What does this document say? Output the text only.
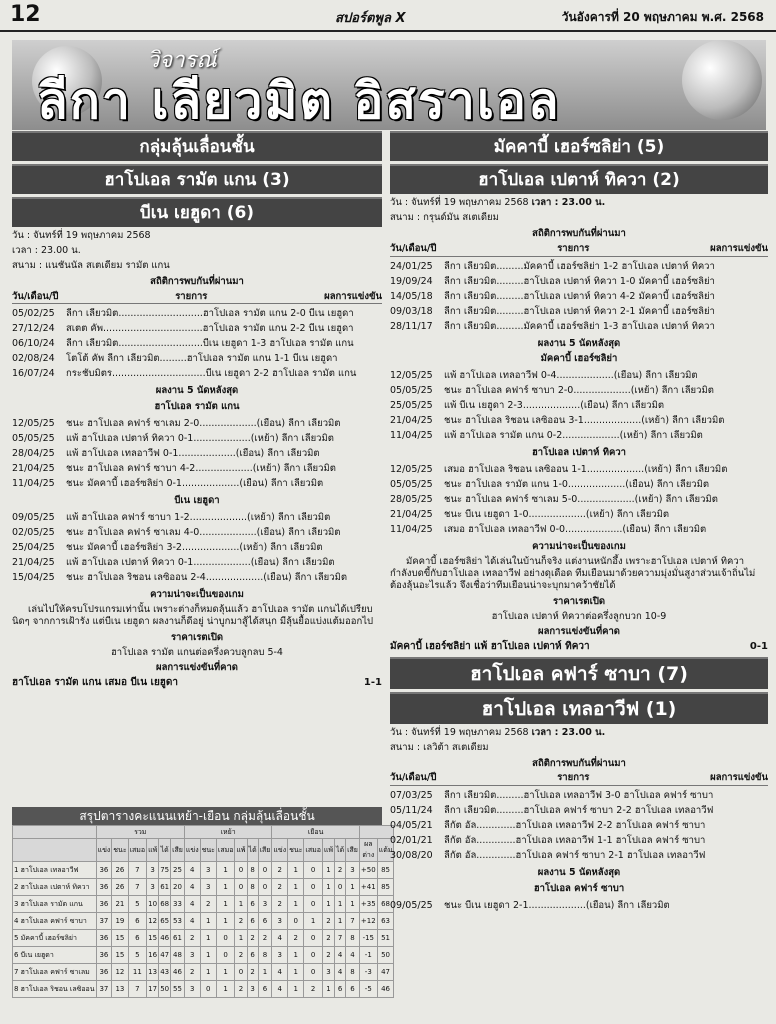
12	สปอร์ตพูล X	วันอังคารที่ 20 พฤษภาคม พ.ศ. 2568
วิจารณ์
ลีกา เลียวมิต อิสราเอล
กลุ่มลุ้นเลื่อนชั้น
ฮาโปเอล รามัต แกน (3)
บีเน เยฮูดา (6)
วัน : จันทร์ที่ 19 พฤษภาคม 2568
เวลา : 23.00 น.
สนาม : แนชันนัล สเตเดียม รามัต แกน
สถิติการพบกันที่ผ่านมา
วัน/เดือน/ปี	รายการ	ผลการแข่งขัน
05/02/25	ลีกา เลียวมิต............................ฮาโปเอล รามัต แกน 2-0 บีเน เยฮูดา
27/12/24	สเตต คัพ.................................ฮาโปเอล รามัต แกน 2-2 บีเน เยฮูดา
06/10/24	ลีกา เลียวมิต............................บีเน เยฮูดา 1-3 ฮาโปเอล รามัต แกน
02/08/24	โตโต้ คัพ ลีกา เลียวมิต.........ฮาโปเอล รามัต แกน 1-1 บีเน เยฮูดา
16/07/24	กระชับมิตร...............................บีเน เยฮูดา 2-2 ฮาโปเอล รามัต แกน
ผลงาน 5 นัดหลังสุด
ฮาโปเอล รามัต แกน
12/05/25	ชนะ ฮาโปเอล คฟาร์ ซาเลม 2-0...................(เยือน) ลีกา เลียวมิต
05/05/25	แพ้ ฮาโปเอล เปตาห์ ทิควา 0-1...................(เหย้า) ลีกา เลียวมิต
28/04/25	แพ้ ฮาโปเอล เทลอาวีฟ 0-1...................(เยือน) ลีกา เลียวมิต
21/04/25	ชนะ ฮาโปเอล คฟาร์ ซาบา 4-2...................(เหย้า) ลีกา เลียวมิต
11/04/25	ชนะ มัคคาบี้ เฮอร์ซลิย่า 0-1...................(เยือน) ลีกา เลียวมิต
บีเน เยฮูดา
09/05/25	แพ้ ฮาโปเอล คฟาร์ ซาบา 1-2...................(เหย้า) ลีกา เลียวมิต
02/05/25	ชนะ ฮาโปเอล คฟาร์ ซาเลม 4-0...................(เยือน) ลีกา เลียวมิต
25/04/25	ชนะ มัคคาบี้ เฮอร์ซลิย่า 3-2...................(เหย้า) ลีกา เลียวมิต
21/04/25	แพ้ ฮาโปเอล เปตาห์ ทิควา 0-1...................(เยือน) ลีกา เลียวมิต
15/04/25	ชนะ ฮาโปเอล ริชอน เลซิออน 2-4...................(เยือน) ลีกา เลียวมิต
ความน่าจะเป็นของเกม
เล่นไปให้ครบโปรแกรมเท่านั้น เพราะต่างก็หมดลุ้นแล้ว ฮาโปเอล รามัต แกนได้เปรียบนิดๆ จากการเฝ้ารัง แต่บีเน เยฮูดา ผลงานก็ดีอยู่ น่าบูกมาสู้ได้สนุก มีลุ้นยื้อแบ่งแต้มออกไป
ราคาเรตเปิด
ฮาโปเอล รามัต แกนต่อครึ่งควบลูกลบ 5-4
ผลการแข่งขันที่คาด
ฮาโปเอล รามัต แกน เสมอ บีเน เยฮูดา	1-1
สรุปตารางคะแนนเหย้า-เยือน กลุ่มลุ้นเลื่อนชั้น
	รวม						เหย้า						เยือน							
	แข่ง	ชนะ	เสมอ	แพ้	ได้	เสีย	แข่ง	ชนะ	เสมอ	แพ้	ได้	เสีย	แข่ง	ชนะ	เสมอ	แพ้	ได้	เสีย	ผลต่าง	แต้ม
1 ฮาโปเอล เทลอาวีฟ	36	26	7	3	75	25	4	3	1	0	8	0	2	1	0	1	2	3	+50	85
2 ฮาโปเอล เปตาห์ ทิควา	36	26	7	3	61	20	4	3	1	0	8	0	2	1	0	1	0	1	+41	85
3 ฮาโปเอล รามัต แกน	36	21	5	10	68	33	4	2	1	1	6	3	2	1	0	1	1	1	+35	68
4 ฮาโปเอล คฟาร์ ซาบา	37	19	6	12	65	53	4	1	1	2	6	6	3	0	1	2	1	7	+12	63
5 มัคคาบี้ เฮอร์ซลิย่า	36	15	6	15	46	61	2	1	0	1	2	2	4	2	0	2	7	8	-15	51
6 บีเน เยฮูดา	36	15	5	16	47	48	3	1	0	2	6	8	3	1	0	2	4	4	-1	50
7 ฮาโปเอล คฟาร์ ซาเลม	36	12	11	13	43	46	2	1	1	0	2	1	4	1	0	3	4	8	-3	47
8 ฮาโปเอล ริชอน เลซิออน	37	13	7	17	50	55	3	0	1	2	3	6	4	1	2	1	6	6	-5	46
มัคคาบี้ เฮอร์ซลิย่า (5)
ฮาโปเอล เปตาห์ ทิควา (2)
วัน : จันทร์ที่ 19 พฤษภาคม 2568 เวลา : 23.00 น.
สนาม : กรุนด์มัน สเตเดียม
สถิติการพบกันที่ผ่านมา
วัน/เดือน/ปี	รายการ	ผลการแข่งขัน
24/01/25	ลีกา เลียวมิต.........มัคคาบี้ เฮอร์ซลิย่า 1-2 ฮาโปเอล เปตาห์ ทิควา
19/09/24	ลีกา เลียวมิต.........ฮาโปเอล เปตาห์ ทิควา 1-0 มัคคาบี้ เฮอร์ซลิย่า
14/05/18	ลีกา เลียวมิต.........ฮาโปเอล เปตาห์ ทิควา 4-2 มัคคาบี้ เฮอร์ซลิย่า
09/03/18	ลีกา เลียวมิต.........ฮาโปเอล เปตาห์ ทิควา 2-1 มัคคาบี้ เฮอร์ซลิย่า
28/11/17	ลีกา เลียวมิต.........มัคคาบี้ เฮอร์ซลิย่า 1-3 ฮาโปเอล เปตาห์ ทิควา
ผลงาน 5 นัดหลังสุด
มัคคาบี้ เฮอร์ซลิย่า
12/05/25	แพ้ ฮาโปเอล เทลอาวีฟ 0-4...................(เยือน) ลีกา เลียวมิต
05/05/25	ชนะ ฮาโปเอล คฟาร์ ซาบา 2-0...................(เหย้า) ลีกา เลียวมิต
25/05/25	แพ้ บีเน เยฮูดา 2-3...................(เยือน) ลีกา เลียวมิต
21/04/25	ชนะ ฮาโปเอล ริชอน เลซิออน 3-1...................(เหย้า) ลีกา เลียวมิต
11/04/25	แพ้ ฮาโปเอล รามัต แกน 0-2...................(เหย้า) ลีกา เลียวมิต
ฮาโปเอล เปตาห์ ทิควา
12/05/25	เสมอ ฮาโปเอล ริชอน เลซิออน 1-1...................(เหย้า) ลีกา เลียวมิต
05/05/25	ชนะ ฮาโปเอล รามัต แกน 1-0...................(เยือน) ลีกา เลียวมิต
28/05/25	ชนะ ฮาโปเอล คฟาร์ ซาเลม 5-0...................(เหย้า) ลีกา เลียวมิต
21/04/25	ชนะ บีเน เยฮูดา 1-0...................(เหย้า) ลีกา เลียวมิต
11/04/25	เสมอ ฮาโปเอล เทลอาวีฟ 0-0...................(เยือน) ลีกา เลียวมิต
ความน่าจะเป็นของเกม
มัคคาบี้ เฮอร์ซลิย่า ได้เล่นในบ้านก็จริง แต่งานหนักอึ้ง เพราะฮาโปเอล เปตาห์ ทิควา กำลังบดขี้กับฮาโปเอล เทลอาวีฟ อย่างดุเดือด ทีมเยือนมาด้วยความมุ่งมั่นสูงาส่วนเจ้าถิ่นไม่ต้องลุ้นอะไรแล้ว จึงเชื่อว่าทีมเยือนน่าจะบุกมาคว้าชัยได้
ราคาเรตเปิด
ฮาโปเอล เปตาห์ ทิควาต่อครึ่งลูกบวก 10-9
ผลการแข่งขันที่คาด
มัคคาบี้ เฮอร์ซลิย่า แพ้ ฮาโปเอล เปตาห์ ทิควา	0-1
ฮาโปเอล คฟาร์ ซาบา (7)
ฮาโปเอล เทลอาวีฟ (1)
วัน : จันทร์ที่ 19 พฤษภาคม 2568 เวลา : 23.00 น.
สนาม : เลวิต้า สเตเดียม
สถิติการพบกันที่ผ่านมา
วัน/เดือน/ปี	รายการ	ผลการแข่งขัน
07/03/25	ลีกา เลียวมิต.........ฮาโปเอล เทลอาวีฟ 3-0 ฮาโปเอล คฟาร์ ซาบา
05/11/24	ลีกา เลียวมิต.........ฮาโปเอล คฟาร์ ซาบา 2-2 ฮาโปเอล เทลอาวีฟ
04/05/21	ลีกัต อัล.............ฮาโปเอล เทลอาวีฟ 2-2 ฮาโปเอล คฟาร์ ซาบา
02/01/21	ลีกัต อัล.............ฮาโปเอล เทลอาวีฟ 1-1 ฮาโปเอล คฟาร์ ซาบา
30/08/20	ลีกัต อัล.............ฮาโปเอล คฟาร์ ซาบา 2-1 ฮาโปเอล เทลอาวีฟ
ผลงาน 5 นัดหลังสุด
ฮาโปเอล คฟาร์ ซาบา
09/05/25	ชนะ บีเน เยฮูดา 2-1...................(เยือน) ลีกา เลียวมิต
